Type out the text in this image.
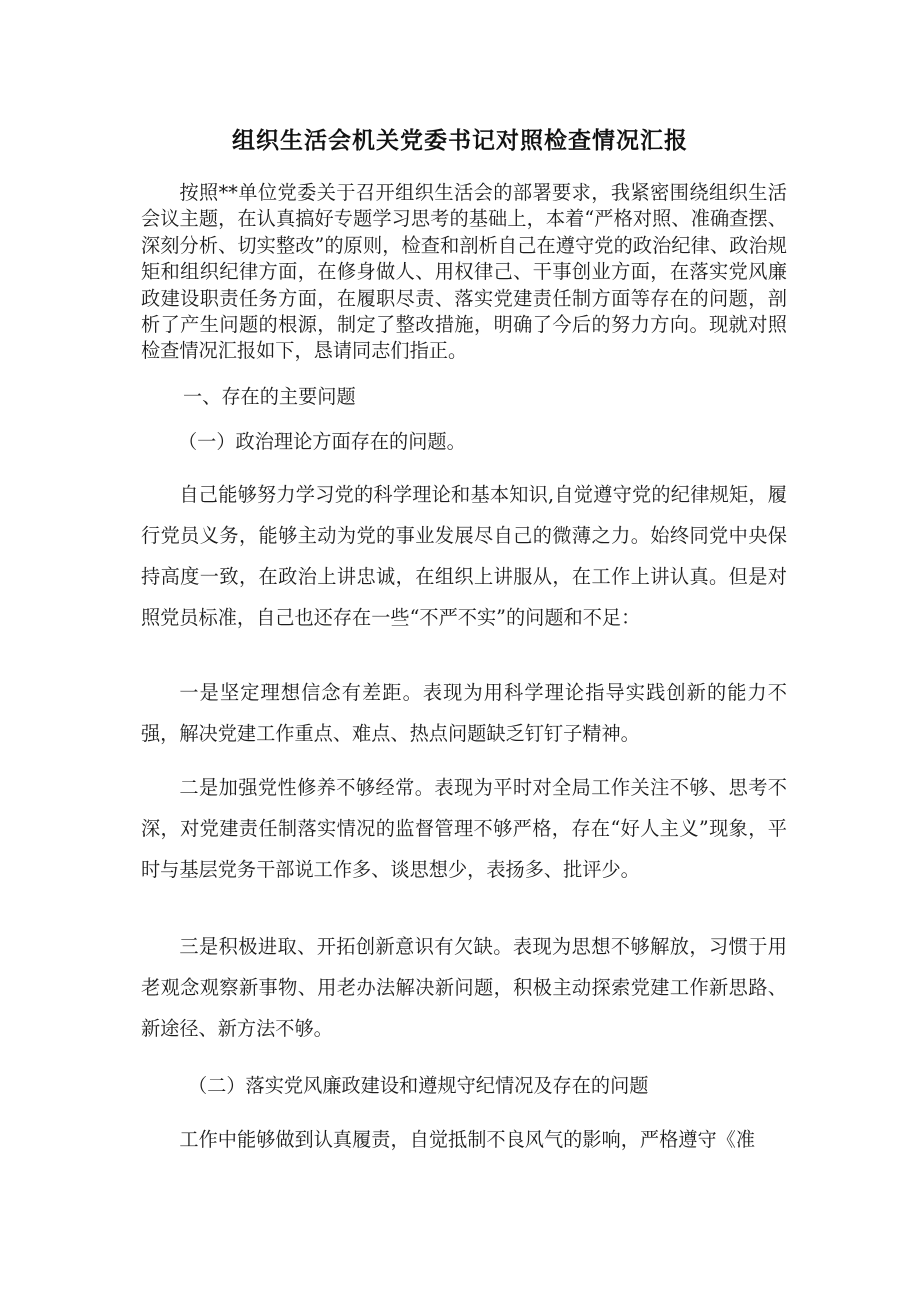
组织生活会机关党委书记对照检查情况汇报

按照**单位党委关于召开组织生活会的部署要求，我紧密围绕组织生活会议主题，在认真搞好专题学习思考的基础上，本着“严格对照、准确查摆、深刻分析、切实整改”的原则，检查和剖析自己在遵守党的政治纪律、政治规矩和组织纪律方面，在修身做人、用权律己、干事创业方面，在落实党风廉政建设职责任务方面，在履职尽责、落实党建责任制方面等存在的问题，剖析了产生问题的根源，制定了整改措施，明确了今后的努力方向。现就对照检查情况汇报如下，恳请同志们指正。

一、存在的主要问题

（一）政治理论方面存在的问题。

自己能够努力学习党的科学理论和基本知识,自觉遵守党的纪律规矩，履行党员义务，能够主动为党的事业发展尽自己的微薄之力。始终同党中央保持高度一致，在政治上讲忠诚，在组织上讲服从，在工作上讲认真。但是对照党员标准，自己也还存在一些“不严不实”的问题和不足：

一是坚定理想信念有差距。表现为用科学理论指导实践创新的能力不强，解决党建工作重点、难点、热点问题缺乏钉钉子精神。

二是加强党性修养不够经常。表现为平时对全局工作关注不够、思考不深，对党建责任制落实情况的监督管理不够严格，存在“好人主义”现象，平时与基层党务干部说工作多、谈思想少，表扬多、批评少。

三是积极进取、开拓创新意识有欠缺。表现为思想不够解放，习惯于用老观念观察新事物、用老办法解决新问题，积极主动探索党建工作新思路、新途径、新方法不够。

（二）落实党风廉政建设和遵规守纪情况及存在的问题

工作中能够做到认真履责，自觉抵制不良风气的影响，严格遵守《准
